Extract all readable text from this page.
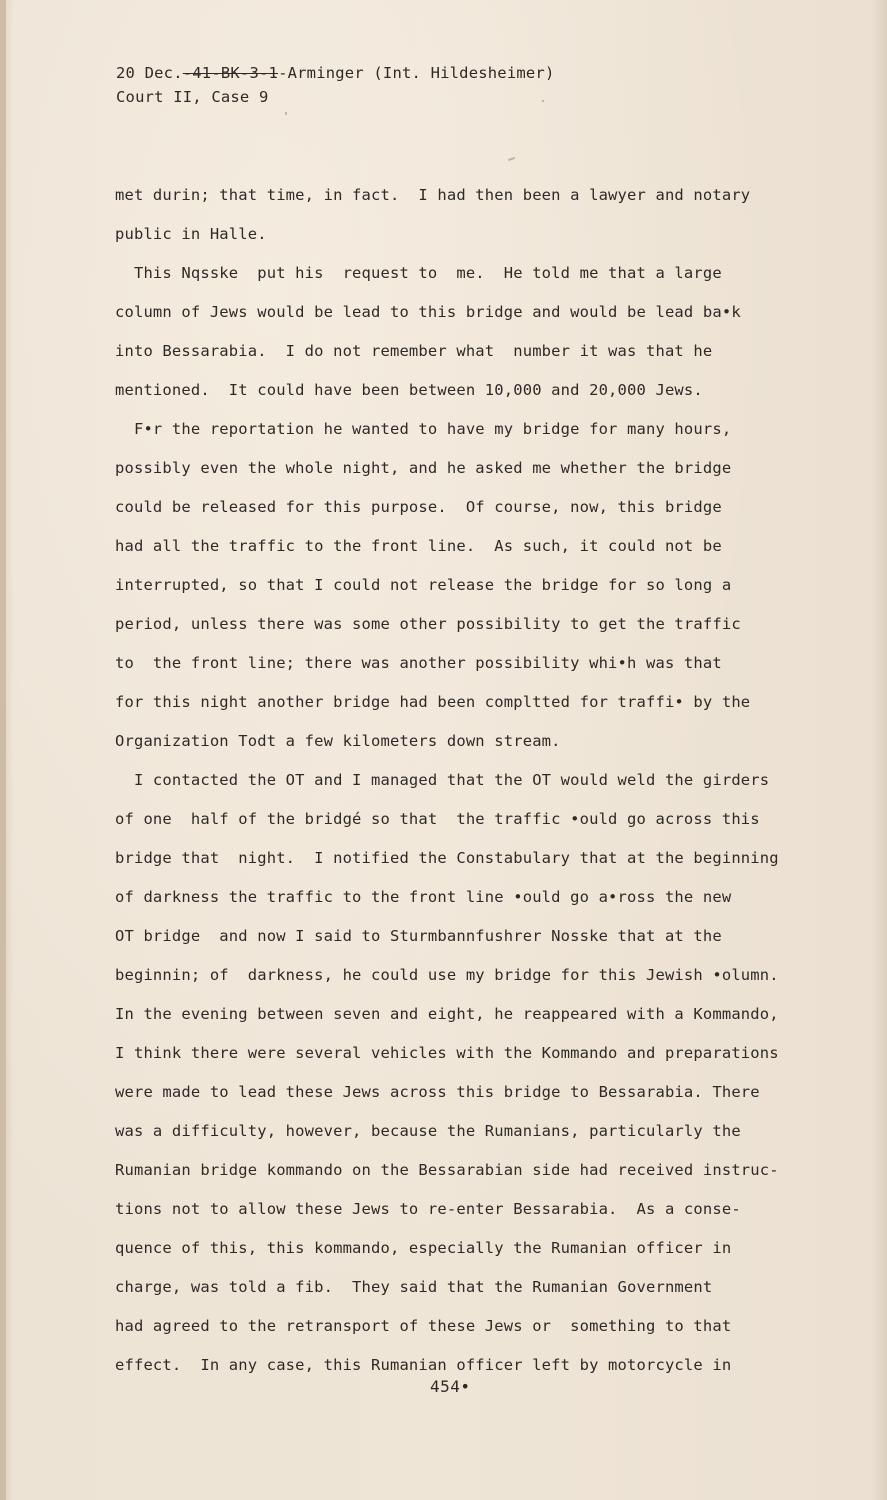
20 Dec.-41-BK-3-1-Arminger (Int. Hildesheimer)
Court II, Case 9
met durin; that time, in fact.  I had then been a lawyer and notary
public in Halle.
This Nqsske  put his  request to  me.  He told me that a large
column of Jews would be lead to this bridge and would be lead ba•k
into Bessarabia.  I do not remember what  number it was that he
mentioned.  It could have been between 10,000 and 20,000 Jews.
F•r the reportation he wanted to have my bridge for many hours,
possibly even the whole night, and he asked me whether the bridge
could be released for this purpose.  Of course, now, this bridge
had all the traffic to the front line.  As such, it could not be
interrupted, so that I could not release the bridge for so long a
period, unless there was some other possibility to get the traffic
to  the front line; there was another possibility whi•h was that
for this night another bridge had been compltted for traffi• by the
Organization Todt a few kilometers down stream.
I contacted the OT and I managed that the OT would weld the girders
of one  half of the bridgé so that  the traffic •ould go across this
bridge that  night.  I notified the Constabulary that at the beginning
of darkness the traffic to the front line •ould go a•ross the new
OT bridge  and now I said to Sturmbannfushrer Nosske that at the
beginnin; of  darkness, he could use my bridge for this Jewish •olumn.
In the evening between seven and eight, he reappeared with a Kommando,
I think there were several vehicles with the Kommando and preparations
were made to lead these Jews across this bridge to Bessarabia. There
was a difficulty, however, because the Rumanians, particularly the
Rumanian bridge kommando on the Bessarabian side had received instruc-
tions not to allow these Jews to re-enter Bessarabia.  As a conse-
quence of this, this kommando, especially the Rumanian officer in
charge, was told a fib.  They said that the Rumanian Government
had agreed to the retransport of these Jews or  something to that
effect.  In any case, this Rumanian officer left by motorcycle in
454•
